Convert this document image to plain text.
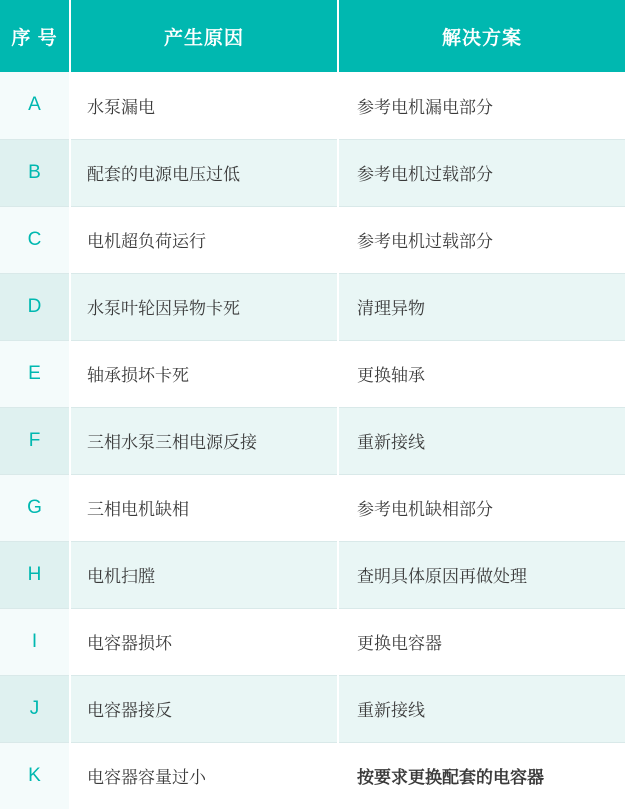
序 号	产生原因	解决方案
A	水泵漏电	参考电机漏电部分
B	配套的电源电压过低	参考电机过载部分
C	电机超负荷运行	参考电机过载部分
D	水泵叶轮因异物卡死	清理异物
E	轴承损坏卡死	更换轴承
F	三相水泵三相电源反接	重新接线
G	三相电机缺相	参考电机缺相部分
H	电机扫膛	查明具体原因再做处理
I	电容器损坏	更换电容器
J	电容器接反	重新接线
K	电容器容量过小	按要求更换配套的电容器
